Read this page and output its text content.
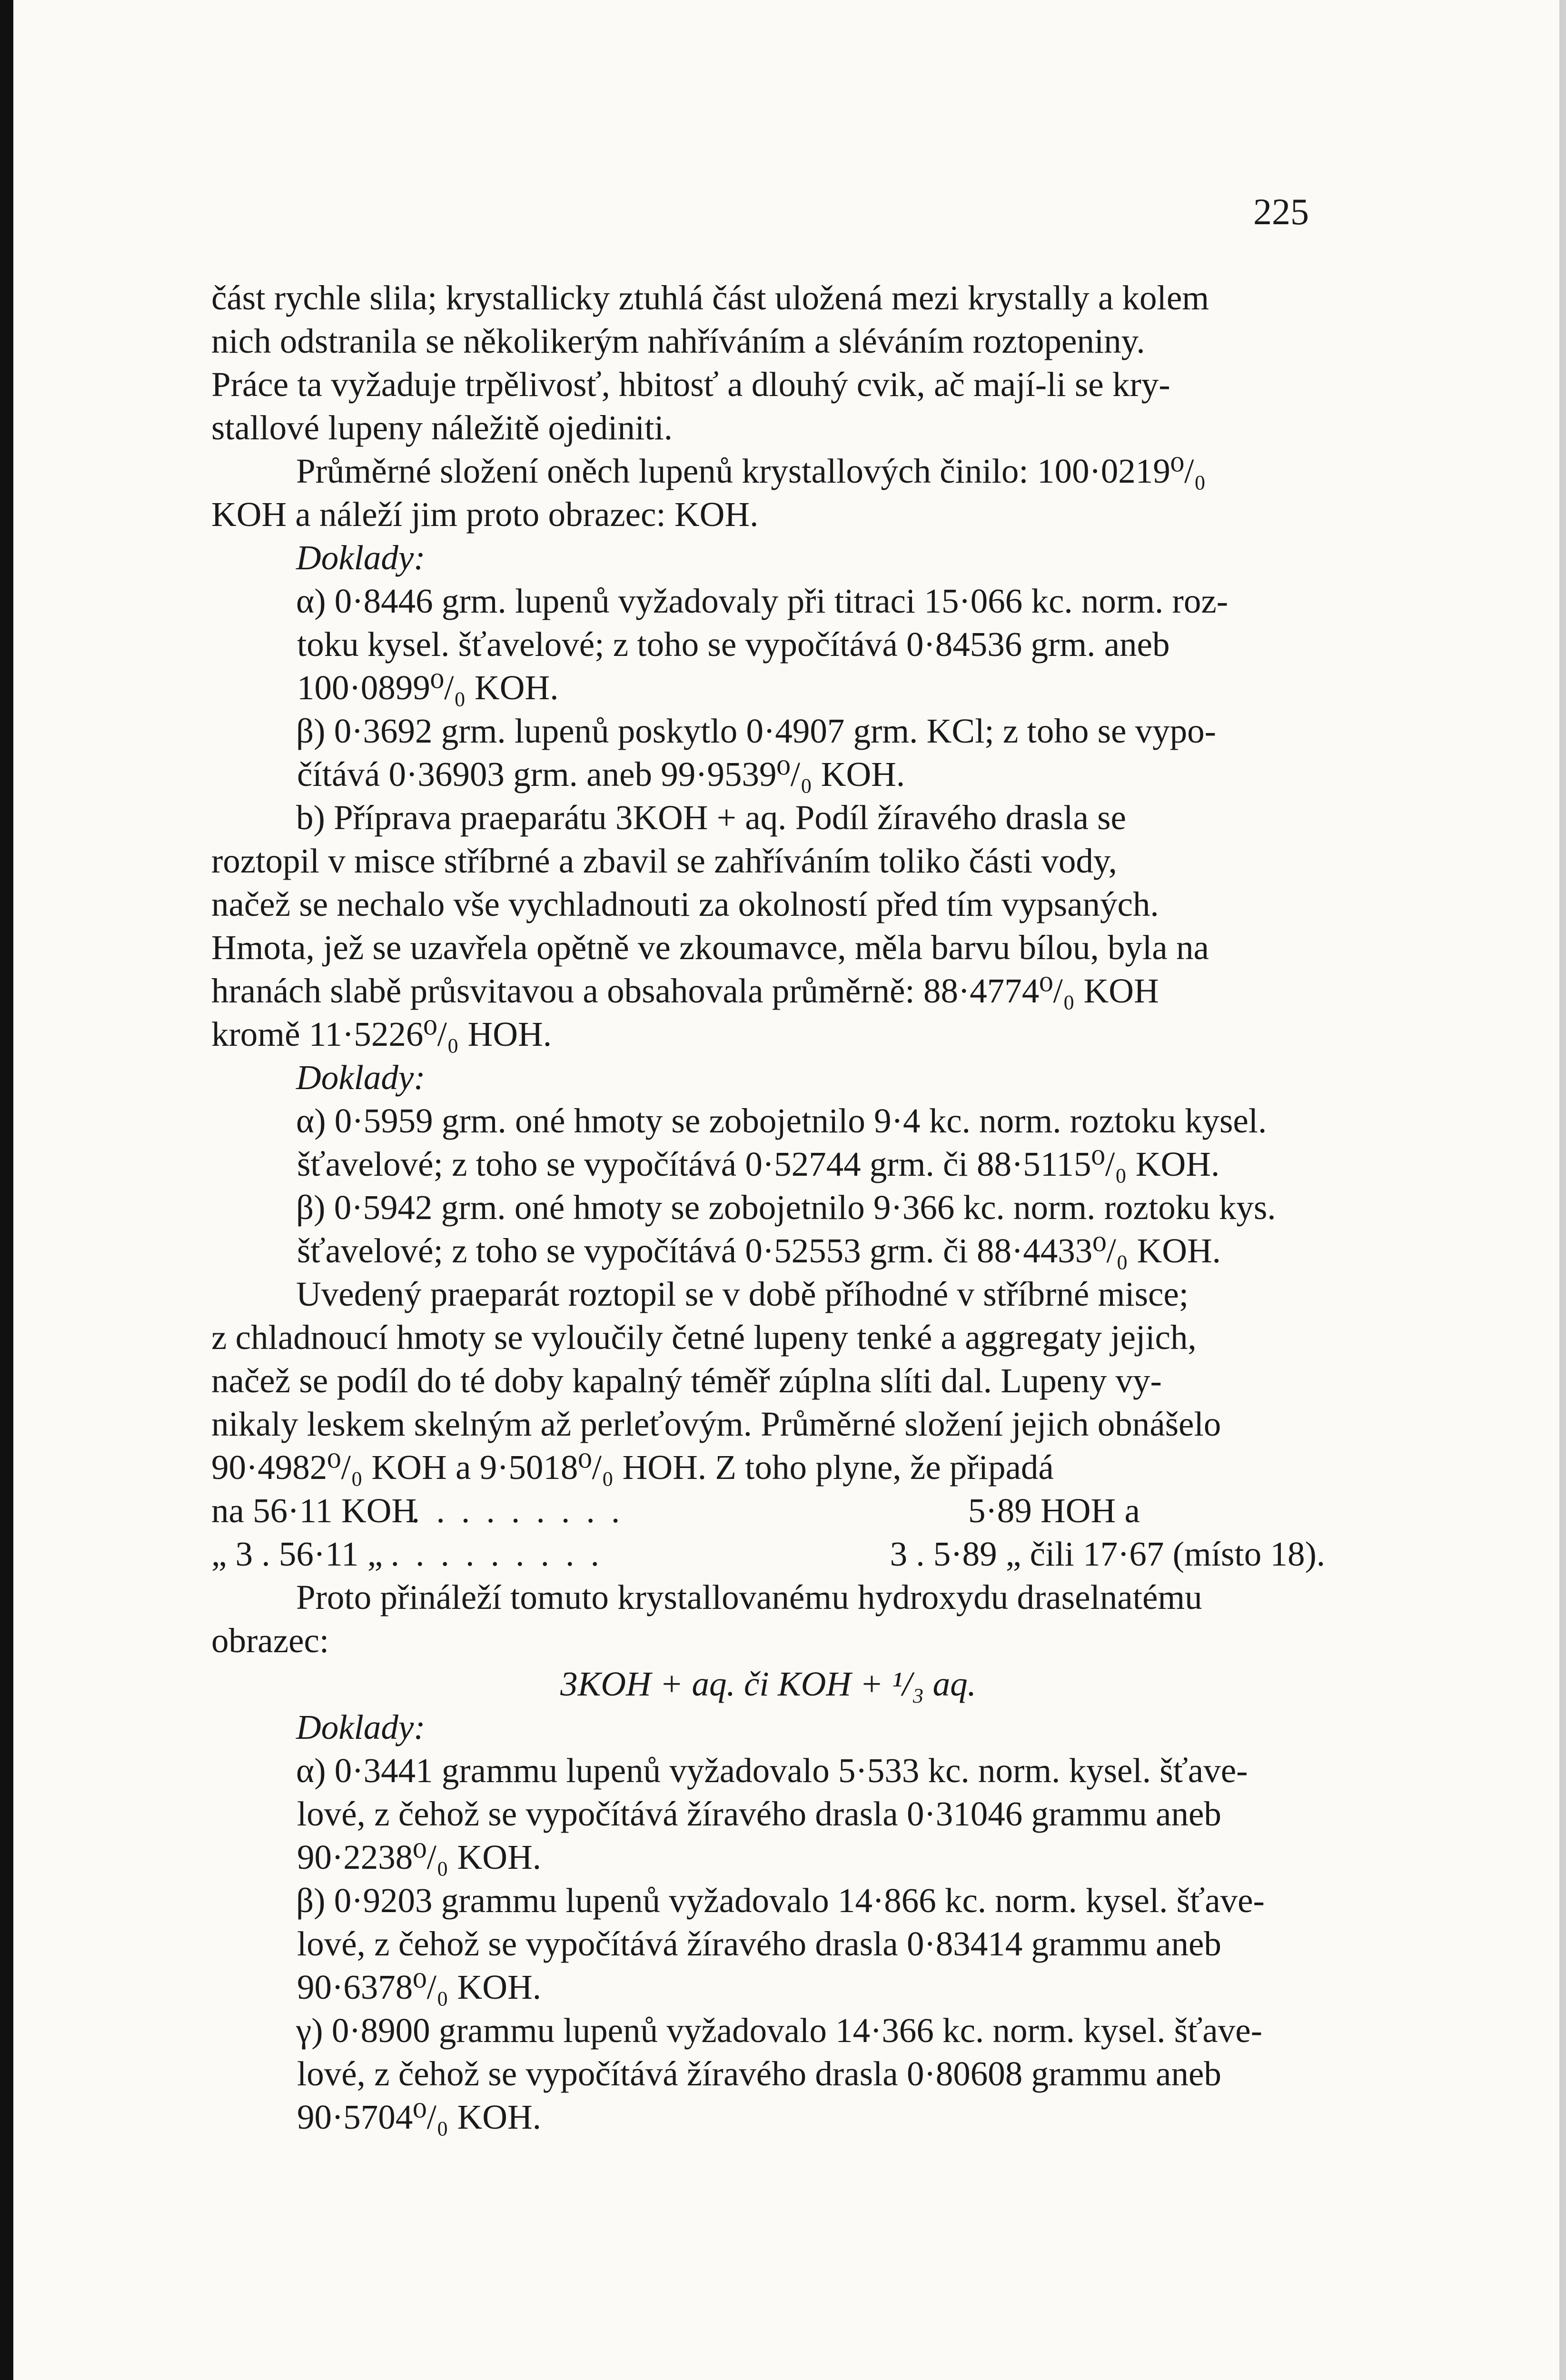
225
část rychle slila; krystallicky ztuhlá část uložená mezi krystally a kolem
nich odstranila se několikerým nahříváním a sléváním roztopeniny.
Práce ta vyžaduje trpělivosť, hbitosť a dlouhý cvik, ač mají-li se kry-
stallové lupeny náležitě ojediniti.
Průměrné složení oněch lupenů krystallových činilo: 100·0219⁰/₀
KOH a náleží jim proto obrazec: KOH.
Doklady:
α) 0·8446 grm. lupenů vyžadovaly při titraci 15·066 kc. norm. roz-
toku kysel. šťavelové; z toho se vypočítává 0·84536 grm. aneb
100·0899⁰/₀ KOH.
β) 0·3692 grm. lupenů poskytlo 0·4907 grm. KCl; z toho se vypo-
čítává 0·36903 grm. aneb 99·9539⁰/₀ KOH.
b) Příprava praeparátu 3KOH + aq. Podíl žíravého drasla se
roztopil v misce stříbrné a zbavil se zahříváním toliko části vody,
načež se nechalo vše vychladnouti za okolností před tím vypsaných.
Hmota, jež se uzavřela opětně ve zkoumavce, měla barvu bílou, byla na
hranách slabě průsvitavou a obsahovala průměrně: 88·4774⁰/₀ KOH
kromě 11·5226⁰/₀ HOH.
Doklady:
α) 0·5959 grm. oné hmoty se zobojetnilo 9·4 kc. norm. roztoku kysel.
šťavelové; z toho se vypočítává 0·52744 grm. či 88·5115⁰/₀ KOH.
β) 0·5942 grm. oné hmoty se zobojetnilo 9·366 kc. norm. roztoku kys.
šťavelové; z toho se vypočítává 0·52553 grm. či 88·4433⁰/₀ KOH.
Uvedený praeparát roztopil se v době příhodné v stříbrné misce;
z chladnoucí hmoty se vyloučily četné lupeny tenké a aggregaty jejich,
načež se podíl do té doby kapalný téměř zúplna slíti dal. Lupeny vy-
nikaly leskem skelným až perleťovým. Průměrné složení jejich obnášelo
90·4982⁰/₀ KOH a 9·5018⁰/₀ HOH. Z toho plyne, že připadá
na 56·11 KOH
. . . . . . . . .	5·89 HOH a
„ 3 . 56·11 „ . . . . . . . . .	3 . 5·89 „ čili 17·67 (místo 18).
Proto přináleží tomuto krystallovanému hydroxydu draselnatému
obrazec:
3KOH + aq. či KOH + ¹/₃ aq.
Doklady:
α) 0·3441 grammu lupenů vyžadovalo 5·533 kc. norm. kysel. šťave-
lové, z čehož se vypočítává žíravého drasla 0·31046 grammu aneb
90·2238⁰/₀ KOH.
β) 0·9203 grammu lupenů vyžadovalo 14·866 kc. norm. kysel. šťave-
lové, z čehož se vypočítává žíravého drasla 0·83414 grammu aneb
90·6378⁰/₀ KOH.
γ) 0·8900 grammu lupenů vyžadovalo 14·366 kc. norm. kysel. šťave-
lové, z čehož se vypočítává žíravého drasla 0·80608 grammu aneb
90·5704⁰/₀ KOH.
